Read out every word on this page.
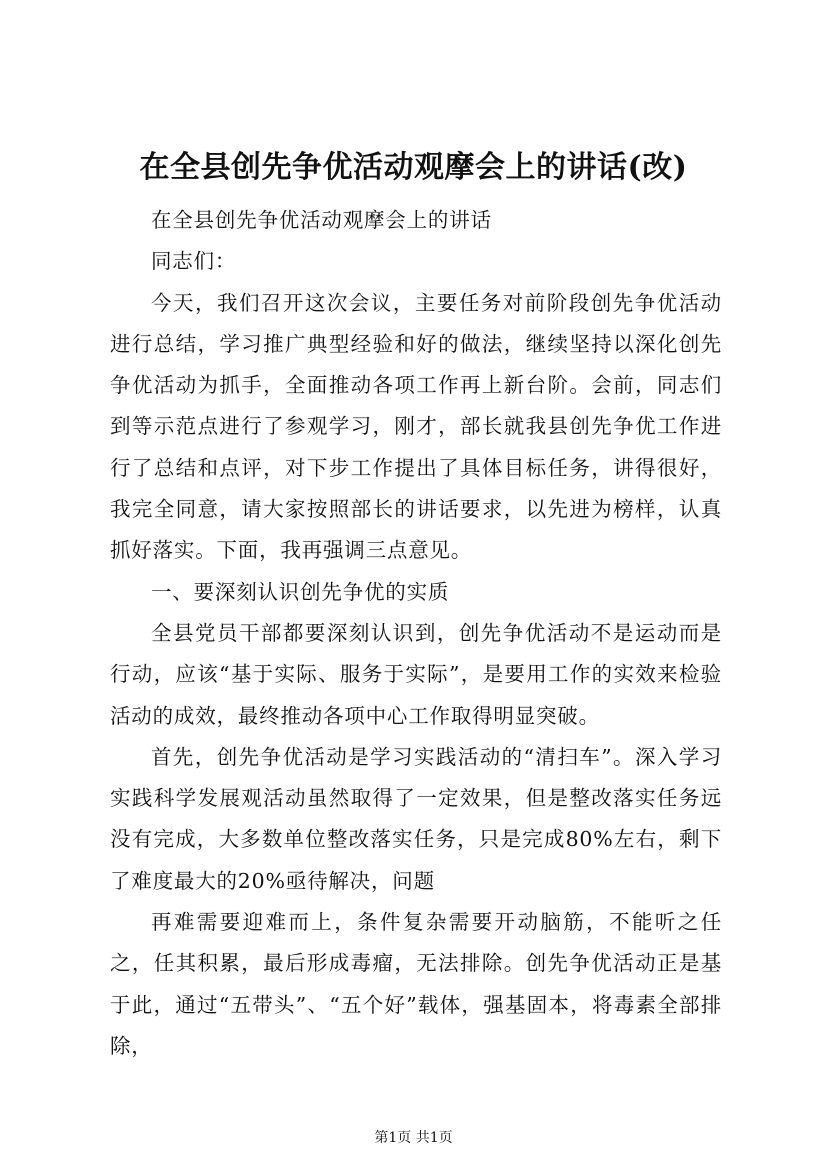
在全县创先争优活动观摩会上的讲话(改)

在全县创先争优活动观摩会上的讲话

同志们：

今天，我们召开这次会议，主要任务对前阶段创先争优活动进行总结，学习推广典型经验和好的做法，继续坚持以深化创先争优活动为抓手，全面推动各项工作再上新台阶。会前，同志们到等示范点进行了参观学习，刚才，部长就我县创先争优工作进行了总结和点评，对下步工作提出了具体目标任务，讲得很好，我完全同意，请大家按照部长的讲话要求，以先进为榜样，认真抓好落实。下面，我再强调三点意见。

一、要深刻认识创先争优的实质

全县党员干部都要深刻认识到，创先争优活动不是运动而是行动，应该“基于实际、服务于实际”，是要用工作的实效来检验活动的成效，最终推动各项中心工作取得明显突破。

首先，创先争优活动是学习实践活动的“清扫车”。深入学习实践科学发展观活动虽然取得了一定效果，但是整改落实任务远没有完成，大多数单位整改落实任务，只是完成80%左右，剩下了难度最大的20%亟待解决，问题

再难需要迎难而上，条件复杂需要开动脑筋，不能听之任之，任其积累，最后形成毒瘤，无法排除。创先争优活动正是基于此，通过“五带头”、“五个好”载体，强基固本，将毒素全部排除，

第1页 共1页
